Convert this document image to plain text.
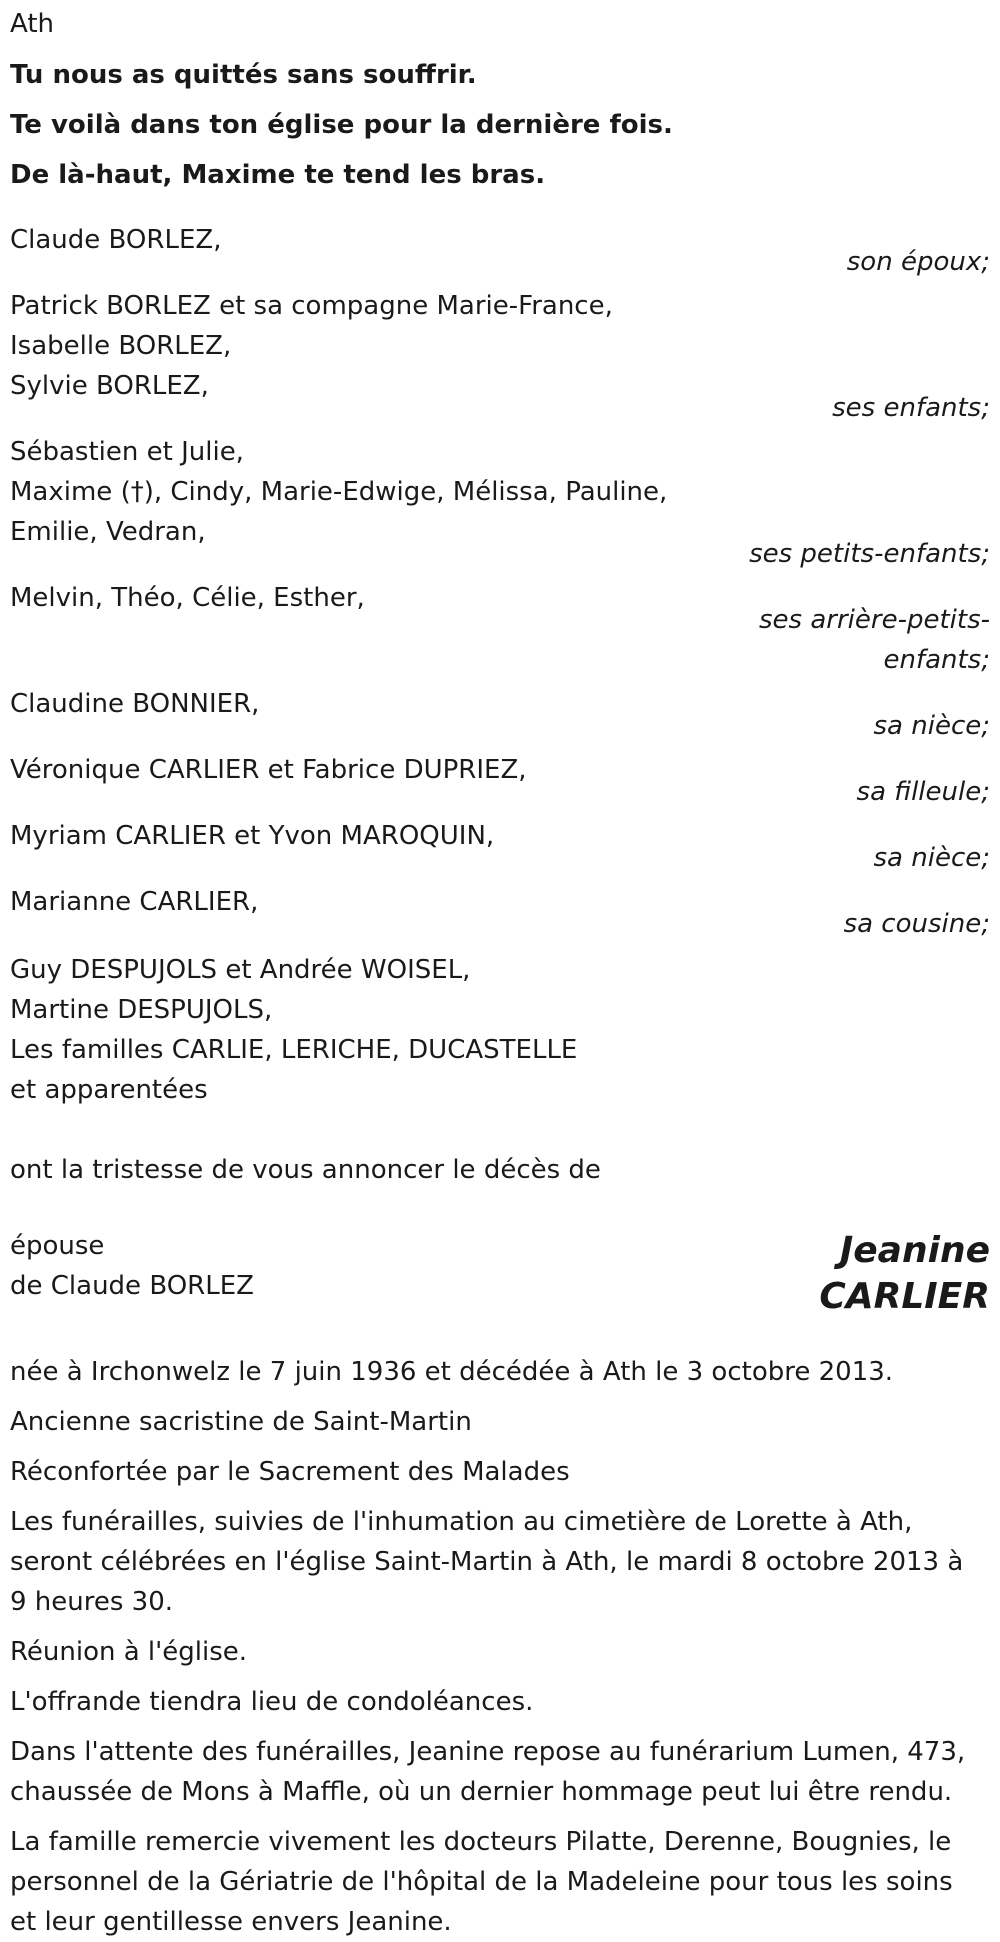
Ath
Tu nous as quittés sans souffrir.
Te voilà dans ton église pour la dernière fois.
De là-haut, Maxime te tend les bras.
Claude BORLEZ,
son époux;
Patrick BORLEZ et sa compagne Marie-France,
Isabelle BORLEZ,
Sylvie BORLEZ,
ses enfants;
Sébastien et Julie,
Maxime (†), Cindy, Marie-Edwige, Mélissa, Pauline,
Emilie, Vedran,
ses petits-enfants;
Melvin, Théo, Célie, Esther,
ses arrière-petits-
enfants;
Claudine BONNIER,
sa nièce;
Véronique CARLIER et Fabrice DUPRIEZ,
sa filleule;
Myriam CARLIER et Yvon MAROQUIN,
sa nièce;
Marianne CARLIER,
sa cousine;
Guy DESPUJOLS et Andrée WOISEL,
Martine DESPUJOLS,
Les familles CARLIE, LERICHE, DUCASTELLE
et apparentées
ont la tristesse de vous annoncer le décès de
épouse
de Claude BORLEZ
Jeanine
CARLIER
née à Irchonwelz le 7 juin 1936 et décédée à Ath le 3 octobre 2013.
Ancienne sacristine de Saint-Martin
Réconfortée par le Sacrement des Malades
Les funérailles, suivies de l'inhumation au cimetière de Lorette à Ath,
seront célébrées en l'église Saint-Martin à Ath, le mardi 8 octobre 2013 à
9 heures 30.
Réunion à l'église.
L'offrande tiendra lieu de condoléances.
Dans l'attente des funérailles, Jeanine repose au funérarium Lumen, 473,
chaussée de Mons à Maffle, où un dernier hommage peut lui être rendu.
La famille remercie vivement les docteurs Pilatte, Derenne, Bougnies, le
personnel de la Gériatrie de l'hôpital de la Madeleine pour tous les soins
et leur gentillesse envers Jeanine.
